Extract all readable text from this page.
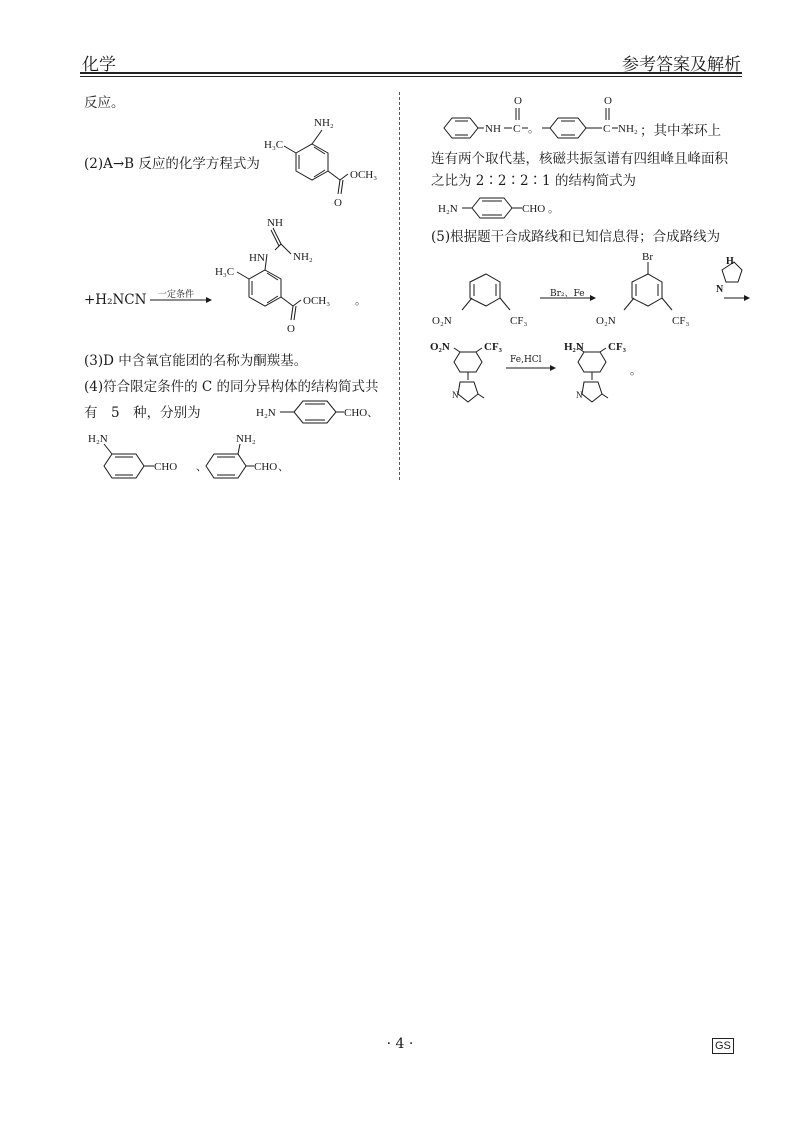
化学	参考答案及解析
反应。
(2)A→B 反应的化学方程式为
NH₂
H₃C
OCH₃
O
+H₂NCN 一定条件
NH
HN	NH₂
H₃C
OCH₃
O
。
(3)D 中含氧官能团的名称为酮羰基。
(4)符合限定条件的 C 的同分异构体的结构简式共
有　5　种，分别为	H₂N	CHO、
H₂N
CHO 、
NH₂
CHO 、
NH C
O
。	C
O
NH₂ ；其中苯环上
连有两个取代基，核磁共振氢谱有四组峰且峰面积
之比为 2∶2∶2∶1 的结构简式为
H₂N	CHO 。
(5)根据题干合成路线和已知信息得；合成路线为
O₂N	CF₃
Br
O₂N	CF₃
H
N
Br₂、Fe
O₂N	CF₃
N
H₂N CF₃
N
。
Fe,HCl
· 4 ·	GS
